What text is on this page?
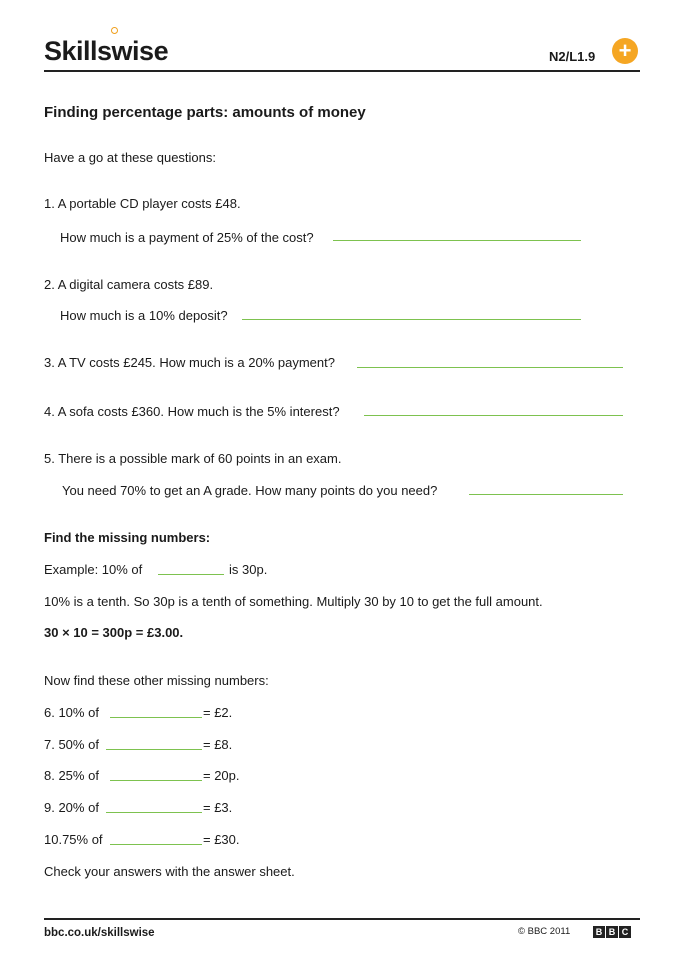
Skillswise	N2/L1.9 +
Finding percentage parts: amounts of money
Have a go at these questions:
1. A portable CD player costs £48.
How much is a payment of 25% of the cost?
2. A digital camera costs £89.
How much is a 10% deposit?
3. A TV costs £245. How much is a 20% payment?
4. A sofa costs £360. How much is the 5% interest?
5. There is a possible mark of 60 points in an exam.
You need 70% to get an A grade. How many points do you need?
Find the missing numbers:
Example: 10% of	is 30p.
10% is a tenth. So 30p is a tenth of something. Multiply 30 by 10 to get the full amount.
30 × 10 = 300p = £3.00.
Now find these other missing numbers:
6. 10% of	= £2.
7. 50% of	= £8.
8. 25% of	= 20p.
9. 20% of	= £3.
10.75% of	= £30.
Check your answers with the answer sheet.
bbc.co.uk/skillswise	© BBC 2011	B B C
